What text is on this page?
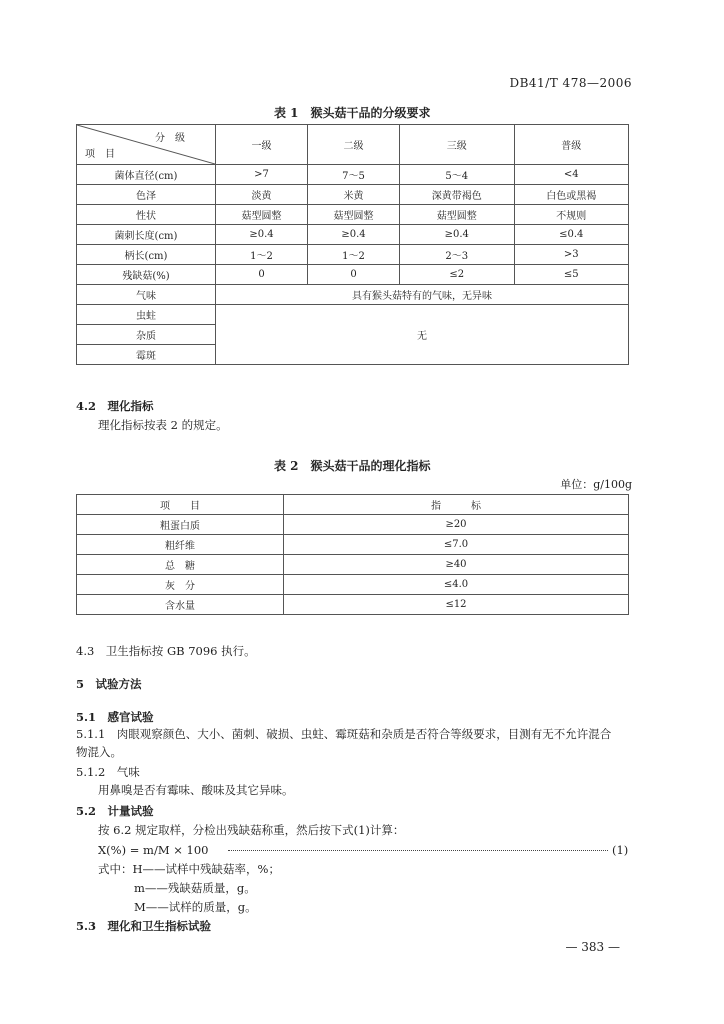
DB41/T 478—2006
表 1　猴头菇干品的分级要求
分　级
项　目	一级	二级	三级	普级
菌体直径(cm)	>7	7～5	5～4	<4
色泽	淡黄	米黄	深黄带褐色	白色或黑褐
性状	菇型圆整	菇型圆整	菇型圆整	不规则
菌刺长度(cm)	≥0.4	≥0.4	≥0.4	≤0.4
柄长(cm)	1～2	1～2	2～3	>3
残缺菇(%)	0	0	≤2	≤5
气味	具有猴头菇特有的气味，无异味			
虫蛀	无			
杂质				
霉斑				
4.2　 理化指标
理化指标按表 2 的规定。
表 2　猴头菇干品的理化指标
单位：g/100g
项　　目	指　　　标
粗蛋白质	≥20
粗纤维	≤7.0
总　糖	≥40
灰　分	≤4.0
含水量	≤12
4.3　卫生指标按 GB 7096 执行。
5　试验方法
5.1　感官试验
5.1.1　肉眼观察颜色、大小、菌刺、破损、虫蛀、霉斑菇和杂质是否符合等级要求，目测有无不允许混合
物混入。
5.1.2　气味
用鼻嗅是否有霉味、酸味及其它异味。
5.2　计量试验
按 6.2 规定取样，分检出残缺菇称重，然后按下式(1)计算：
X(%) = m/M × 100	(1)
式中：H——试样中残缺菇率，%；
m——残缺菇质量，g。
M——试样的质量，g。
5.3　理化和卫生指标试验
— 383 —
